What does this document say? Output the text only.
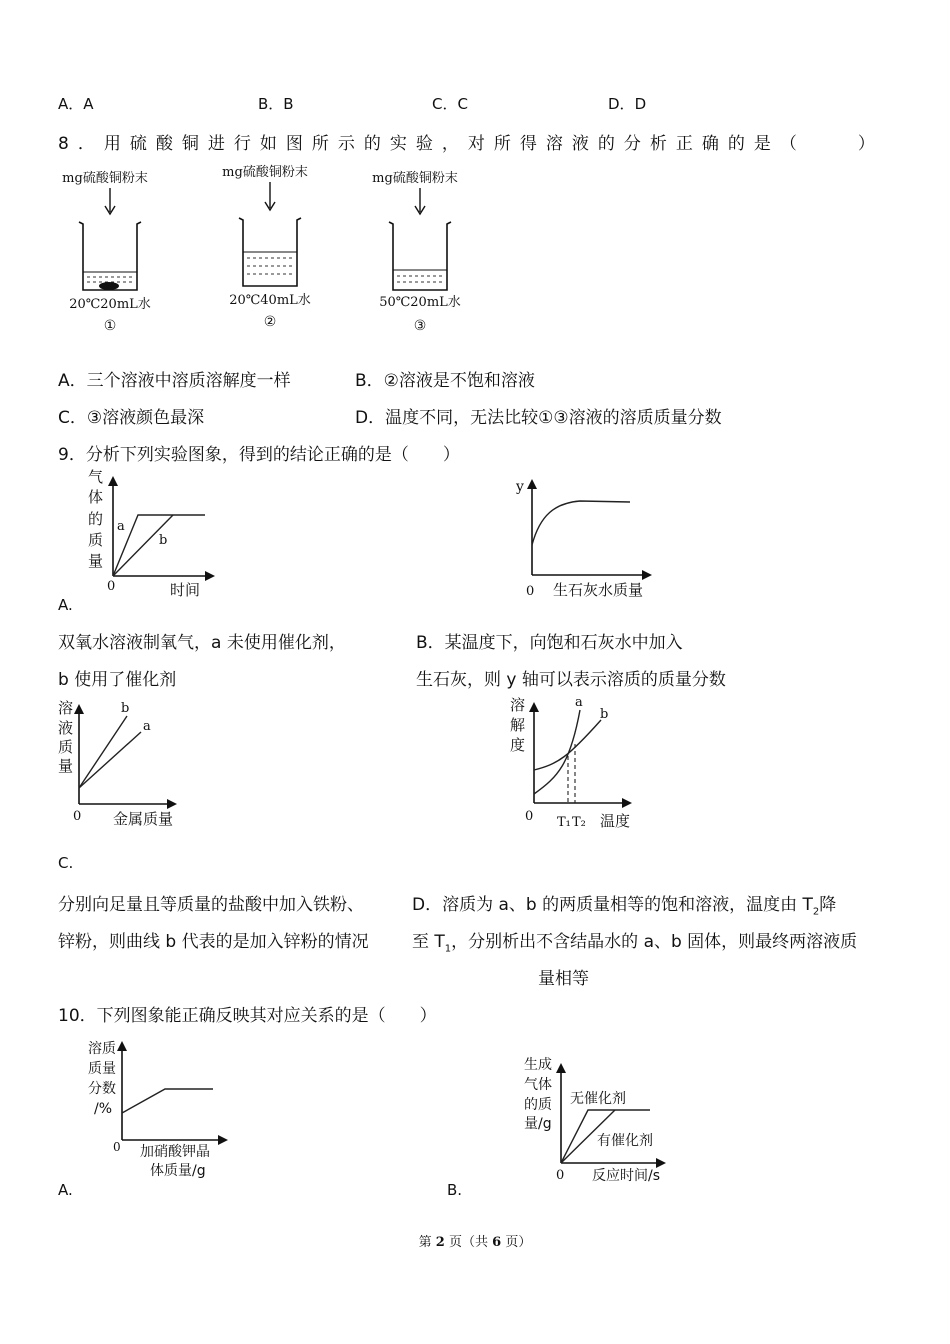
A．A	B．B	C．C	D．D
8．用硫酸铜进行如图所示的实验，对所得溶液的分析正确的是（　　）
mg硫酸铜粉末
20℃20mL水
①
mg硫酸铜粉末
20℃40mL水
②
mg硫酸铜粉末
50℃20mL水
③
A．三个溶液中溶质溶解度一样	B．②溶液是不饱和溶液
C．③溶液颜色最深	D．温度不同，无法比较①③溶液的溶质质量分数
9．分析下列实验图象，得到的结论正确的是（　　）
气
体
的
质
量
a
b
0	时间
A.
y
0 生石灰水质量
双氧水溶液制氧气，a 未使用催化剂，
b 使用了催化剂
B．某温度下，向饱和石灰水中加入
生石灰，则 y 轴可以表示溶质的质量分数
溶
液
质
量
b
a
0 金属质量
C.
溶
解
度
a
b
0 T₁ T₂ 温度
分别向足量且等质量的盐酸中加入铁粉、
锌粉，则曲线 b 代表的是加入锌粉的情况
D．溶质为 a、b 的两质量相等的饱和溶液，温度由 $T_2$降
至 $T_1$，分别析出不含结晶水的 a、b 固体，则最终两溶液质
量相等
10．下列图象能正确反映其对应关系的是（　　）
溶质
质量
分数
/%
0 加硝酸钾晶
体质量/g
A.
生成
气体
的质
量/g
无催化剂
有催化剂
0 反应时间/s
B.
第 2 页（共 6 页）
